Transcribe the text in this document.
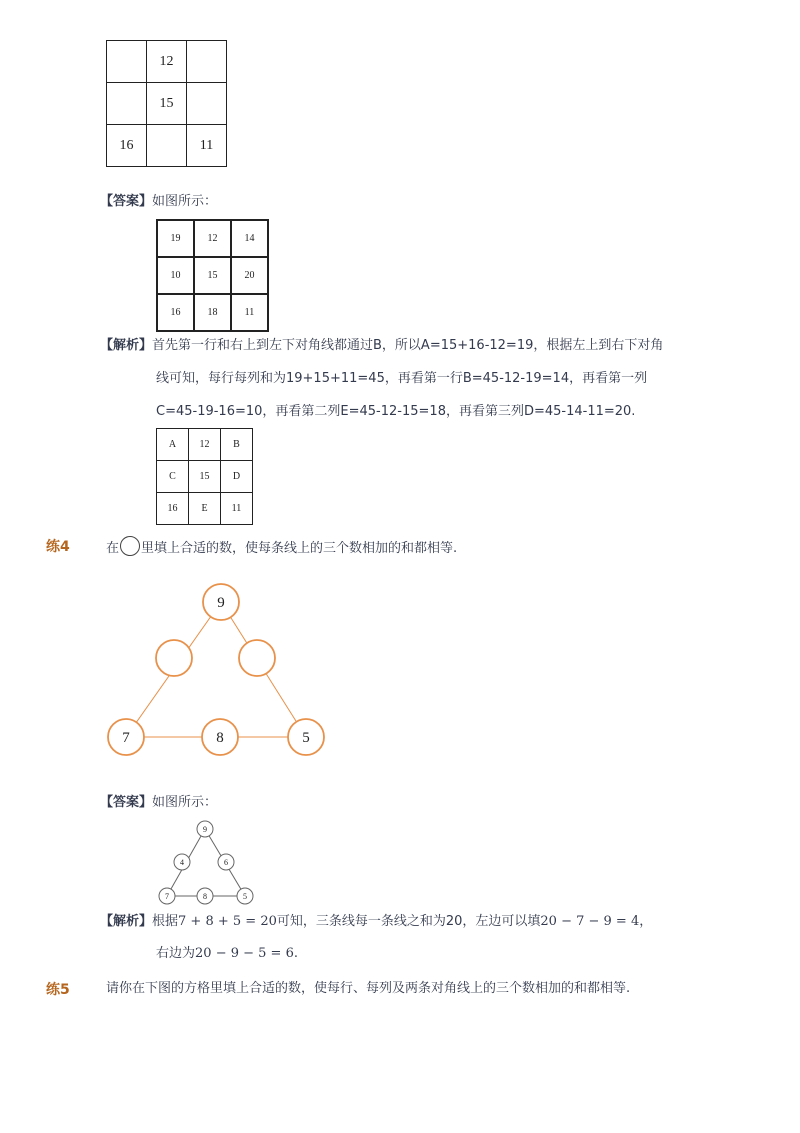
	12	
	15	
16		11
【答案】如图所示：
19	12	14
10	15	20
16	18	11
【解析】首先第一行和右上到左下对角线都通过B，所以A=15+16-12=19，根据左上到右下对角
线可知，每行每列和为19+15+11=45，再看第一行B=45-12-19=14，再看第一列
C=45-19-16=10，再看第二列E=45-12-15=18，再看第三列D=45-14-11=20.
A	12	B
C	15	D
16	E	11
练4	在 里填上合适的数，使每条线上的三个数相加的和都相等.
9
7	8	5
【答案】如图所示：
9
4	6
7	8	5
【解析】根据7 + 8 + 5 = 20可知，三条线每一条线之和为20，左边可以填20 − 7 − 9 = 4，
右边为20 − 9 − 5 = 6.
练5	请你在下图的方格里填上合适的数，使每行、每列及两条对角线上的三个数相加的和都相等.
